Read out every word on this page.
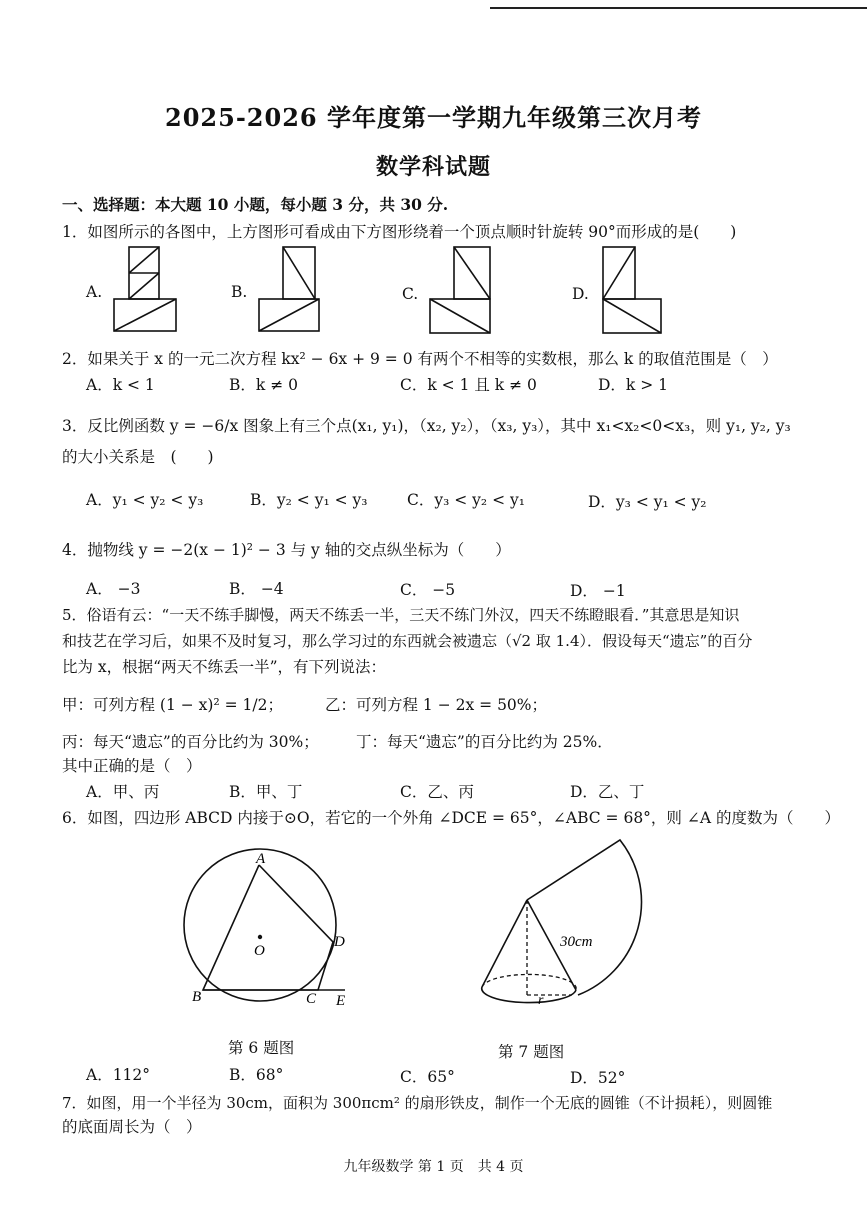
2025-2026 学年度第一学期九年级第三次月考
数学科试题
一、选择题：本大题 10 小题，每小题 3 分，共 30 分.
1．如图所示的各图中，上方图形可看成由下方图形绕着一个顶点顺时针旋转 90°而形成的是(　　)
A.	B.	C.	D.
2．如果关于 x 的一元二次方程 kx² − 6x + 9 = 0 有两个不相等的实数根，那么 k 的取值范围是（　）
A．k < 1	B．k ≠ 0	C．k < 1 且 k ≠ 0	D．k > 1
3．反比例函数 y = −6/x 图象上有三个点(x₁, y₁)，（x₂, y₂），（x₃, y₃），其中 x₁<x₂<0<x₃，则 y₁, y₂, y₃
的大小关系是　(　　)
A．y₁ < y₂ < y₃	B．y₂ < y₁ < y₃	C．y₃ < y₂ < y₁	D．y₃ < y₁ < y₂
4．抛物线 y = −2(x − 1)² − 3 与 y 轴的交点纵坐标为（　　）
A． −3	B． −4	C． −5	D． −1
5．俗语有云：“一天不练手脚慢，两天不练丢一半，三天不练门外汉，四天不练瞪眼看．”其意思是知识
和技艺在学习后，如果不及时复习，那么学习过的东西就会被遗忘（√2 取 1.4）．假设每天“遗忘”的百分
比为 x，根据“两天不练丢一半”，有下列说法：
甲：可列方程 (1 − x)² = 1/2；	乙：可列方程 1 − 2x = 50%；
丙：每天“遗忘”的百分比约为 30%； 丁：每天“遗忘”的百分比约为 25%．
其中正确的是（　）
A．甲、丙	B．甲、丁	C．乙、丙	D．乙、丁
6．如图，四边形 ABCD 内接于⊙O，若它的一个外角 ∠DCE = 65°，∠ABC = 68°，则 ∠A 的度数为（　　）
A
B	C
D
E
O
第 6 题图
30cm
r
第 7 题图
A．112°	B．68°	C．65°	D．52°
7．如图，用一个半径为 30cm，面积为 300πcm² 的扇形铁皮，制作一个无底的圆锥（不计损耗），则圆锥
的底面周长为（　）
九年级数学 第 1 页　共 4 页
